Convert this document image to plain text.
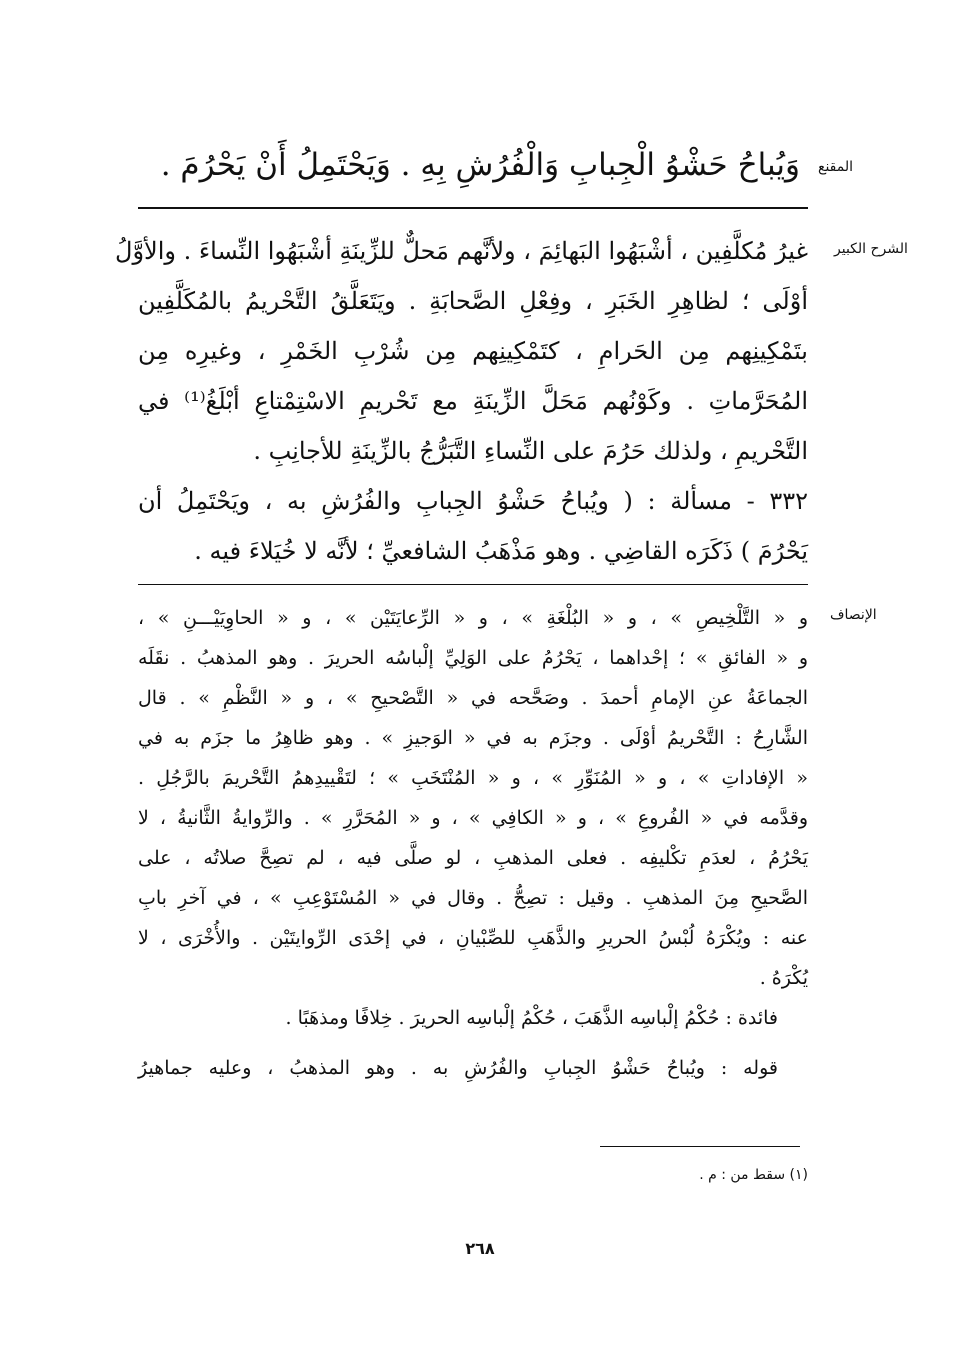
المقنع
الشرح الكبير
الإنصاف
وَيُباحُ حَشْوُ الْجِبابِ وَالْفُرُشِ بِهِ . وَيَحْتَمِلُ أَنْ يَحْرُمَ .
غيرُ مُكلَّفِين ، أشْبَهُوا البَهائِمَ ، ولأنَّهم مَحلٌّ للزِّينَةِ أشْبَهُوا النِّساءَ . والأوَّلُ
أوْلَى ؛ لظاهِرِ الخَبَرِ ، وفِعْلِ الصَّحابَةِ . ويَتَعَلَّقُ التَّحْريمُ بالمُكَلَّفِين
بتَمْكِينِهم مِن الحَرامِ ، كتَمْكِينِهم مِن شُرْبِ الخَمْرِ ، وغيرِه مِن
المُحَرَّماتِ . وكَوْنُهم مَحَلَّ الزِّينَةِ مع تَحْريمِ الاسْتِمْتاعِ أبْلَغُ⁽¹⁾ في
التَّحْريمِ ، ولذلك حَرُمَ على النِّساءِ التَّبَرُّجُ بالزِّينَةِ للأجانِبِ .
٣٣٢ - مسألة : ( ويُباحُ حَشْوُ الجِبابِ والفُرُشِ به ، ويَحْتَمِلُ أن
يَحْرُمَ ) ذَكَرَه القاضِي . وهو مَذْهَبُ الشافعيِّ ؛ لأنَّه لا خُيَلاءَ فيه .
و « التَّلْخِيصِ » ، و « البُلْغَةِ » ، و « الرِّعايَتَيْن » ، و « الحاوِيَيْـــنِ » ،
و « الفائقِ » ؛ إحْداهما ، يَحْرُمُ على الوَلِيِّ إلْباسُه الحريرَ . وهو المذهبُ . نقَلَه
الجماعَةُ عنِ الإمامِ أحمدَ . وصَحَّحه في « التَّصْحيحِ » ، و « النَّظْمِ » . قال
الشَّارِحُ : التَّحْريمُ أوْلَى . وجزَم به في « الوَجيزِ » . وهو ظاهِرُ ما جزَم به في
« الإفاداتِ » ، و « المُنَوِّرِ » ، و « المُنْتَخَبِ » ؛ لتَقْييدِهمُ التَّحْريمَ بالرَّجُلِ .
وقدَّمه في « الفُروعِ » ، و « الكافِي » ، و « المُحَرَّرِ » . والرِّوايةُ الثَّانيةُ ، لا
يَحْرُمُ ، لعدَمِ تكْليفِه . فعلى المذهبِ ، لو صلَّى فيه ، لم تصِحَّ صلاتُه ، على
الصَّحيحِ مِنَ المذهبِ . وقيل : تصِحُّ . وقال في « المُسْتَوْعِبِ » ، في آخرِ بابِ
عنه : ويُكْرَهُ لُبْسُ الحريرِ والذَّهَبِ للصِّبْيانِ ، في إحْدَى الرِّوايتَيْن . والأُخْرَى ، لا
يُكْرَهُ .
فائدة : حُكْمُ إلْباسِه الذَّهَبَ ، حُكْمُ إلْباسِه الحريرَ . خِلافًا ومذهَبًا .
قوله : ويُباحُ حَشْوُ الجِبابِ والفُرُشِ به . وهو المذهبُ ، وعليه جماهيرُ
(١) سقط من : م .
٢٦٨
